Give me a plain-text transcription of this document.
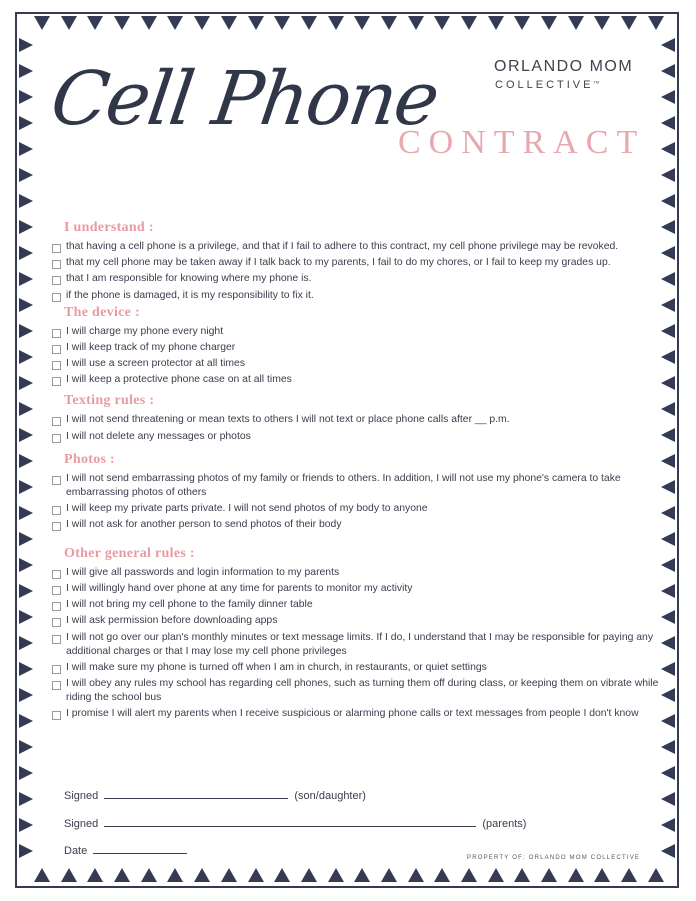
Cell Phone
CONTRACT
ORLANDO MOM
COLLECTIVE™
I understand :
that having a cell phone is a privilege, and that if I fail to adhere to this contract, my cell phone privilege may be revoked.
that my cell phone may be taken away if I talk back to my parents, I fail to do my chores, or I fail to keep my grades up.
that I am responsible for knowing where my phone is.
if the phone is damaged, it is my responsibility to fix it.
The device :
I will charge my phone every night
I will keep track of my phone charger
I will use a screen protector at all times
I will keep a protective phone case on at all times
Texting rules :
I will not send threatening or mean texts to others I will not text or place phone calls after __ p.m.
I will not delete any messages or photos
Photos :
I will not send embarrassing photos of my family or friends to others. In addition, I will not use my phone's camera to take embarrassing photos of others
I will keep my private parts private. I will not send photos of my body to anyone
I will not ask for another person to send photos of their body
Other general rules :
I will give all passwords and login information to my parents
I will willingly hand over phone at any time for parents to monitor my activity
I will not bring my cell phone to the family dinner table
I will ask permission before downloading apps
I will not go over our plan's monthly minutes or text message limits. If I do, I understand that I may be responsible for paying any additional charges or that I may lose my cell phone privileges
I will make sure my phone is turned off when I am in church, in restaurants, or quiet settings
I will obey any rules my school has regarding cell phones, such as turning them off during class, or keeping them on vibrate while riding the school bus
I promise I will alert my parents when I receive suspicious or alarming phone calls or text messages from people I don't know
Signed	(son/daughter)
Signed	(parents)
Date
PROPERTY OF: ORLANDO MOM COLLECTIVE
